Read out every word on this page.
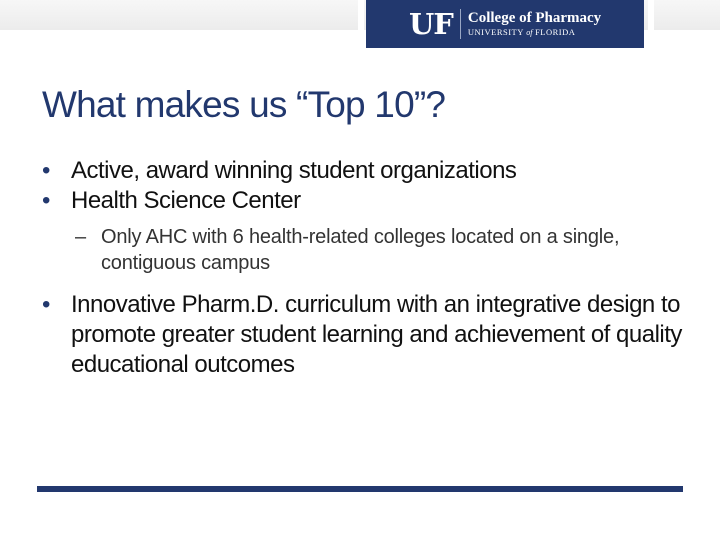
UF College of Pharmacy
UNIVERSITY of FLORIDA
What makes us “Top 10”?
• Active, award winning student organizations
• Health Science Center
– Only AHC with 6 health-related colleges located on a single, contiguous campus
• Innovative Pharm.D. curriculum with an integrative design to promote greater student learning and achievement of quality educational outcomes
